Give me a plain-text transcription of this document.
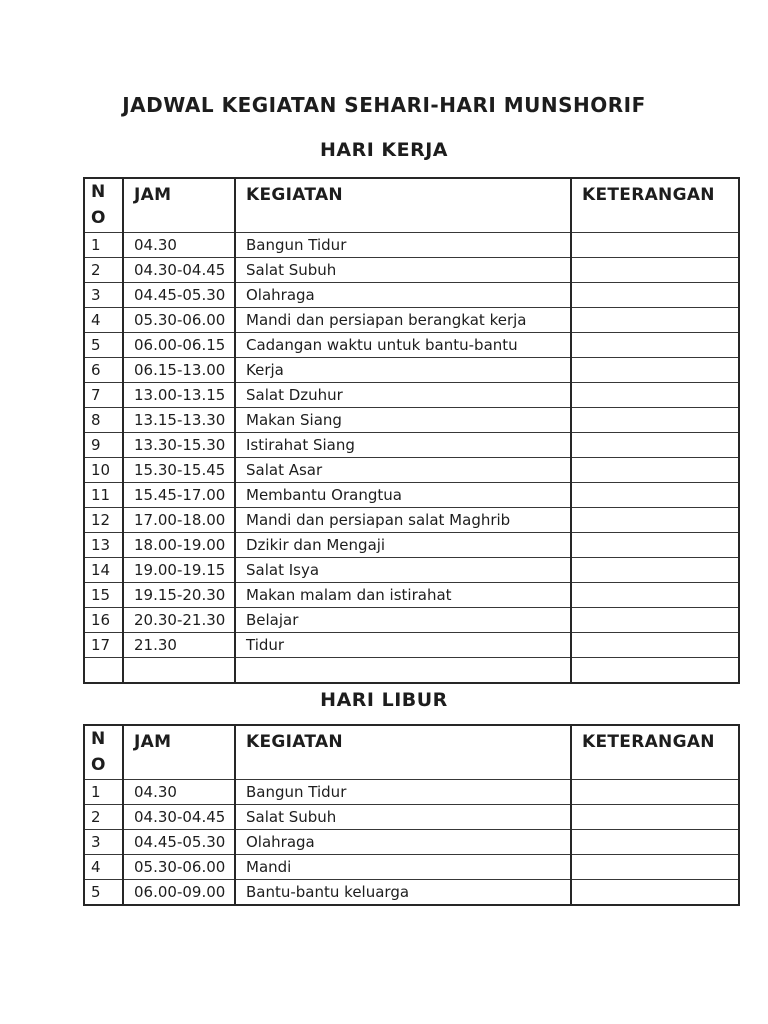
JADWAL KEGIATAN SEHARI-HARI MUNSHORIF
HARI KERJA
NO	JAM	KEGIATAN	KETERANGAN
1	04.30	Bangun Tidur	
2	04.30-04.45	Salat Subuh	
3	04.45-05.30	Olahraga	
4	05.30-06.00	Mandi dan persiapan berangkat kerja	
5	06.00-06.15	Cadangan waktu untuk bantu-bantu	
6	06.15-13.00	Kerja	
7	13.00-13.15	Salat Dzuhur	
8	13.15-13.30	Makan Siang	
9	13.30-15.30	Istirahat Siang	
10	15.30-15.45	Salat Asar	
11	15.45-17.00	Membantu Orangtua	
12	17.00-18.00	Mandi dan persiapan salat Maghrib	
13	18.00-19.00	Dzikir dan Mengaji	
14	19.00-19.15	Salat Isya	
15	19.15-20.30	Makan malam dan istirahat	
16	20.30-21.30	Belajar	
17	21.30	Tidur	

HARI LIBUR
NO	JAM	KEGIATAN	KETERANGAN
1	04.30	Bangun Tidur	
2	04.30-04.45	Salat Subuh	
3	04.45-05.30	Olahraga	
4	05.30-06.00	Mandi	
5	06.00-09.00	Bantu-bantu keluarga	
